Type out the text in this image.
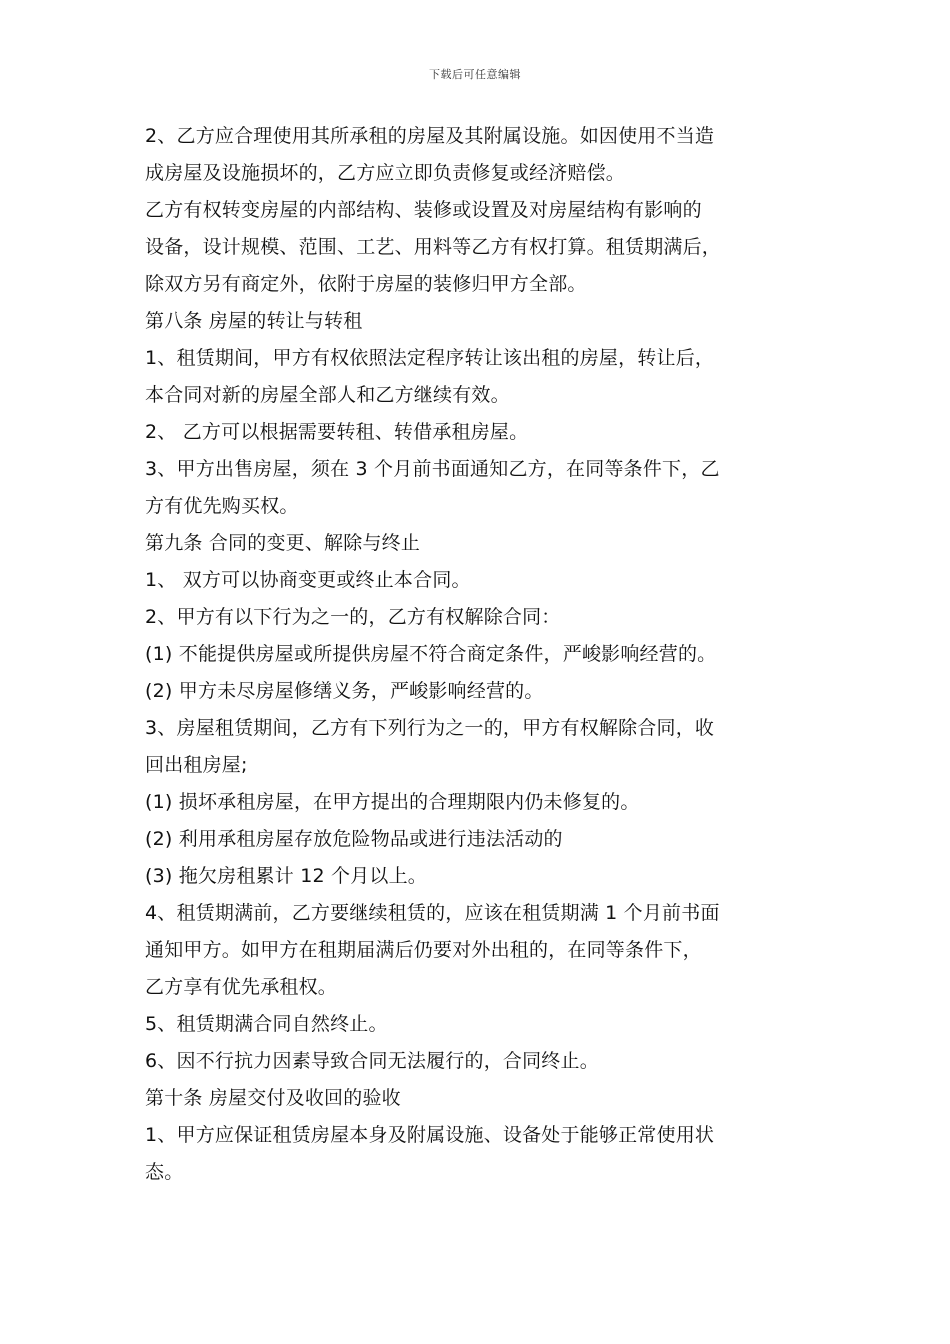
下载后可任意编辑

2、乙方应合理使用其所承租的房屋及其附属设施。如因使用不当造

成房屋及设施损坏的，乙方应立即负责修复或经济赔偿。

乙方有权转变房屋的内部结构、装修或设置及对房屋结构有影响的

设备，设计规模、范围、工艺、用料等乙方有权打算。租赁期满后，

除双方另有商定外，依附于房屋的装修归甲方全部。

第八条 房屋的转让与转租

1、租赁期间，甲方有权依照法定程序转让该出租的房屋，转让后，

本合同对新的房屋全部人和乙方继续有效。

2、 乙方可以根据需要转租、转借承租房屋。

3、甲方出售房屋，须在 3 个月前书面通知乙方，在同等条件下，乙

方有优先购买权。

第九条 合同的变更、解除与终止

1、 双方可以协商变更或终止本合同。

2、甲方有以下行为之一的，乙方有权解除合同：

(1) 不能提供房屋或所提供房屋不符合商定条件，严峻影响经营的。

(2) 甲方未尽房屋修缮义务，严峻影响经营的。

3、房屋租赁期间，乙方有下列行为之一的，甲方有权解除合同，收

回出租房屋;

(1) 损坏承租房屋，在甲方提出的合理期限内仍未修复的。

(2) 利用承租房屋存放危险物品或进行违法活动的

(3) 拖欠房租累计 12 个月以上。

4、租赁期满前，乙方要继续租赁的，应该在租赁期满 1 个月前书面

通知甲方。如甲方在租期届满后仍要对外出租的，在同等条件下，

乙方享有优先承租权。

5、租赁期满合同自然终止。

6、因不行抗力因素导致合同无法履行的，合同终止。

第十条 房屋交付及收回的验收

1、甲方应保证租赁房屋本身及附属设施、设备处于能够正常使用状

态。
